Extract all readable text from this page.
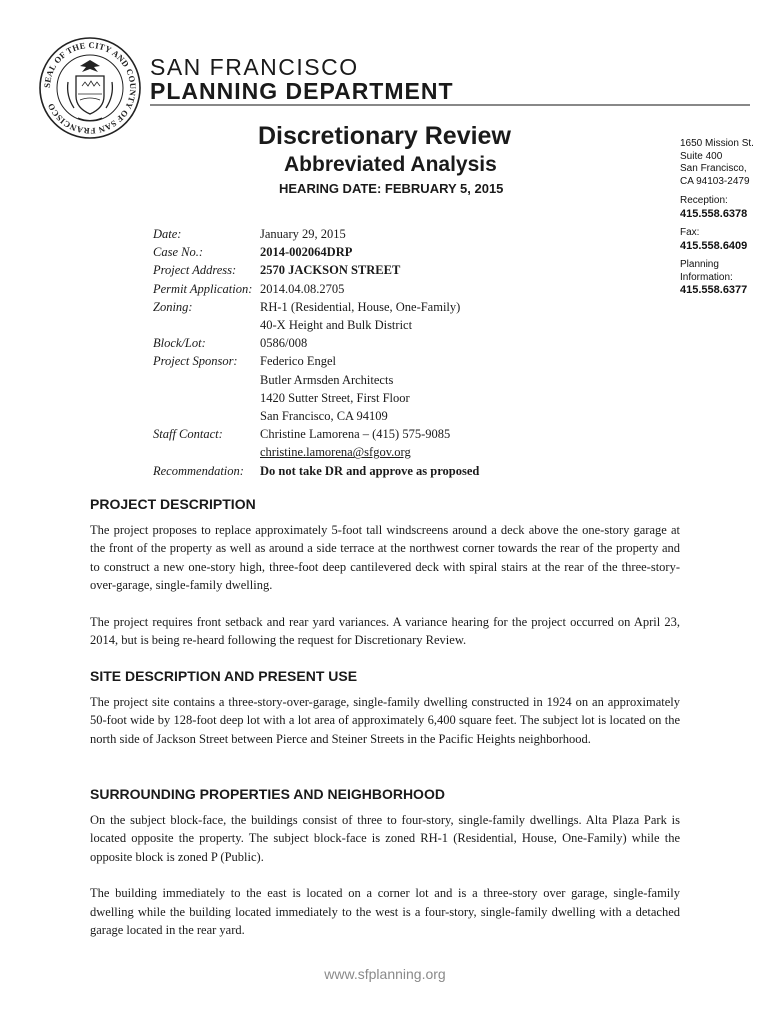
SEAL OF THE CITY AND COUNTY OF SAN FRANCISCO
SAN FRANCISCO
PLANNING DEPARTMENT
Discretionary Review
Abbreviated Analysis
HEARING DATE: FEBRUARY 5, 2015
1650 Mission St.
Suite 400
San Francisco,
CA 94103-2479
Reception:
415.558.6378
Fax:
415.558.6409
Planning
Information:
415.558.6377
Date:	January 29, 2015
Case No.:	2014-002064DRP
Project Address:	2570 JACKSON STREET
Permit Application: 2014.04.08.2705
Zoning:	RH-1 (Residential, House, One-Family)
40-X Height and Bulk District
Block/Lot:	0586/008
Project Sponsor:	Federico Engel
Butler Armsden Architects
1420 Sutter Street, First Floor
San Francisco, CA 94109
Staff Contact:	Christine Lamorena – (415) 575-9085
christine.lamorena@sfgov.org
Recommendation:	Do not take DR and approve as proposed
PROJECT DESCRIPTION

The project proposes to replace approximately 5-foot tall windscreens around a deck above the one-story garage at the front of the property as well as around a side terrace at the northwest corner towards the rear of the property and to construct a new one-story high, three-foot deep cantilevered deck with spiral stairs at the rear of the three-story-over-garage, single-family dwelling.

The project requires front setback and rear yard variances. A variance hearing for the project occurred on April 23, 2014, but is being re-heard following the request for Discretionary Review.

SITE DESCRIPTION AND PRESENT USE

The project site contains a three-story-over-garage, single-family dwelling constructed in 1924 on an approximately 50-foot wide by 128-foot deep lot with a lot area of approximately 6,400 square feet. The subject lot is located on the north side of Jackson Street between Pierce and Steiner Streets in the Pacific Heights neighborhood.

SURROUNDING PROPERTIES AND NEIGHBORHOOD

On the subject block-face, the buildings consist of three to four-story, single-family dwellings. Alta Plaza Park is located opposite the property. The subject block-face is zoned RH-1 (Residential, House, One-Family) while the opposite block is zoned P (Public).

The building immediately to the east is located on a corner lot and is a three-story over garage, single-family dwelling while the building located immediately to the west is a four-story, single-family dwelling with a detached garage located in the rear yard.

www.sfplanning.org
